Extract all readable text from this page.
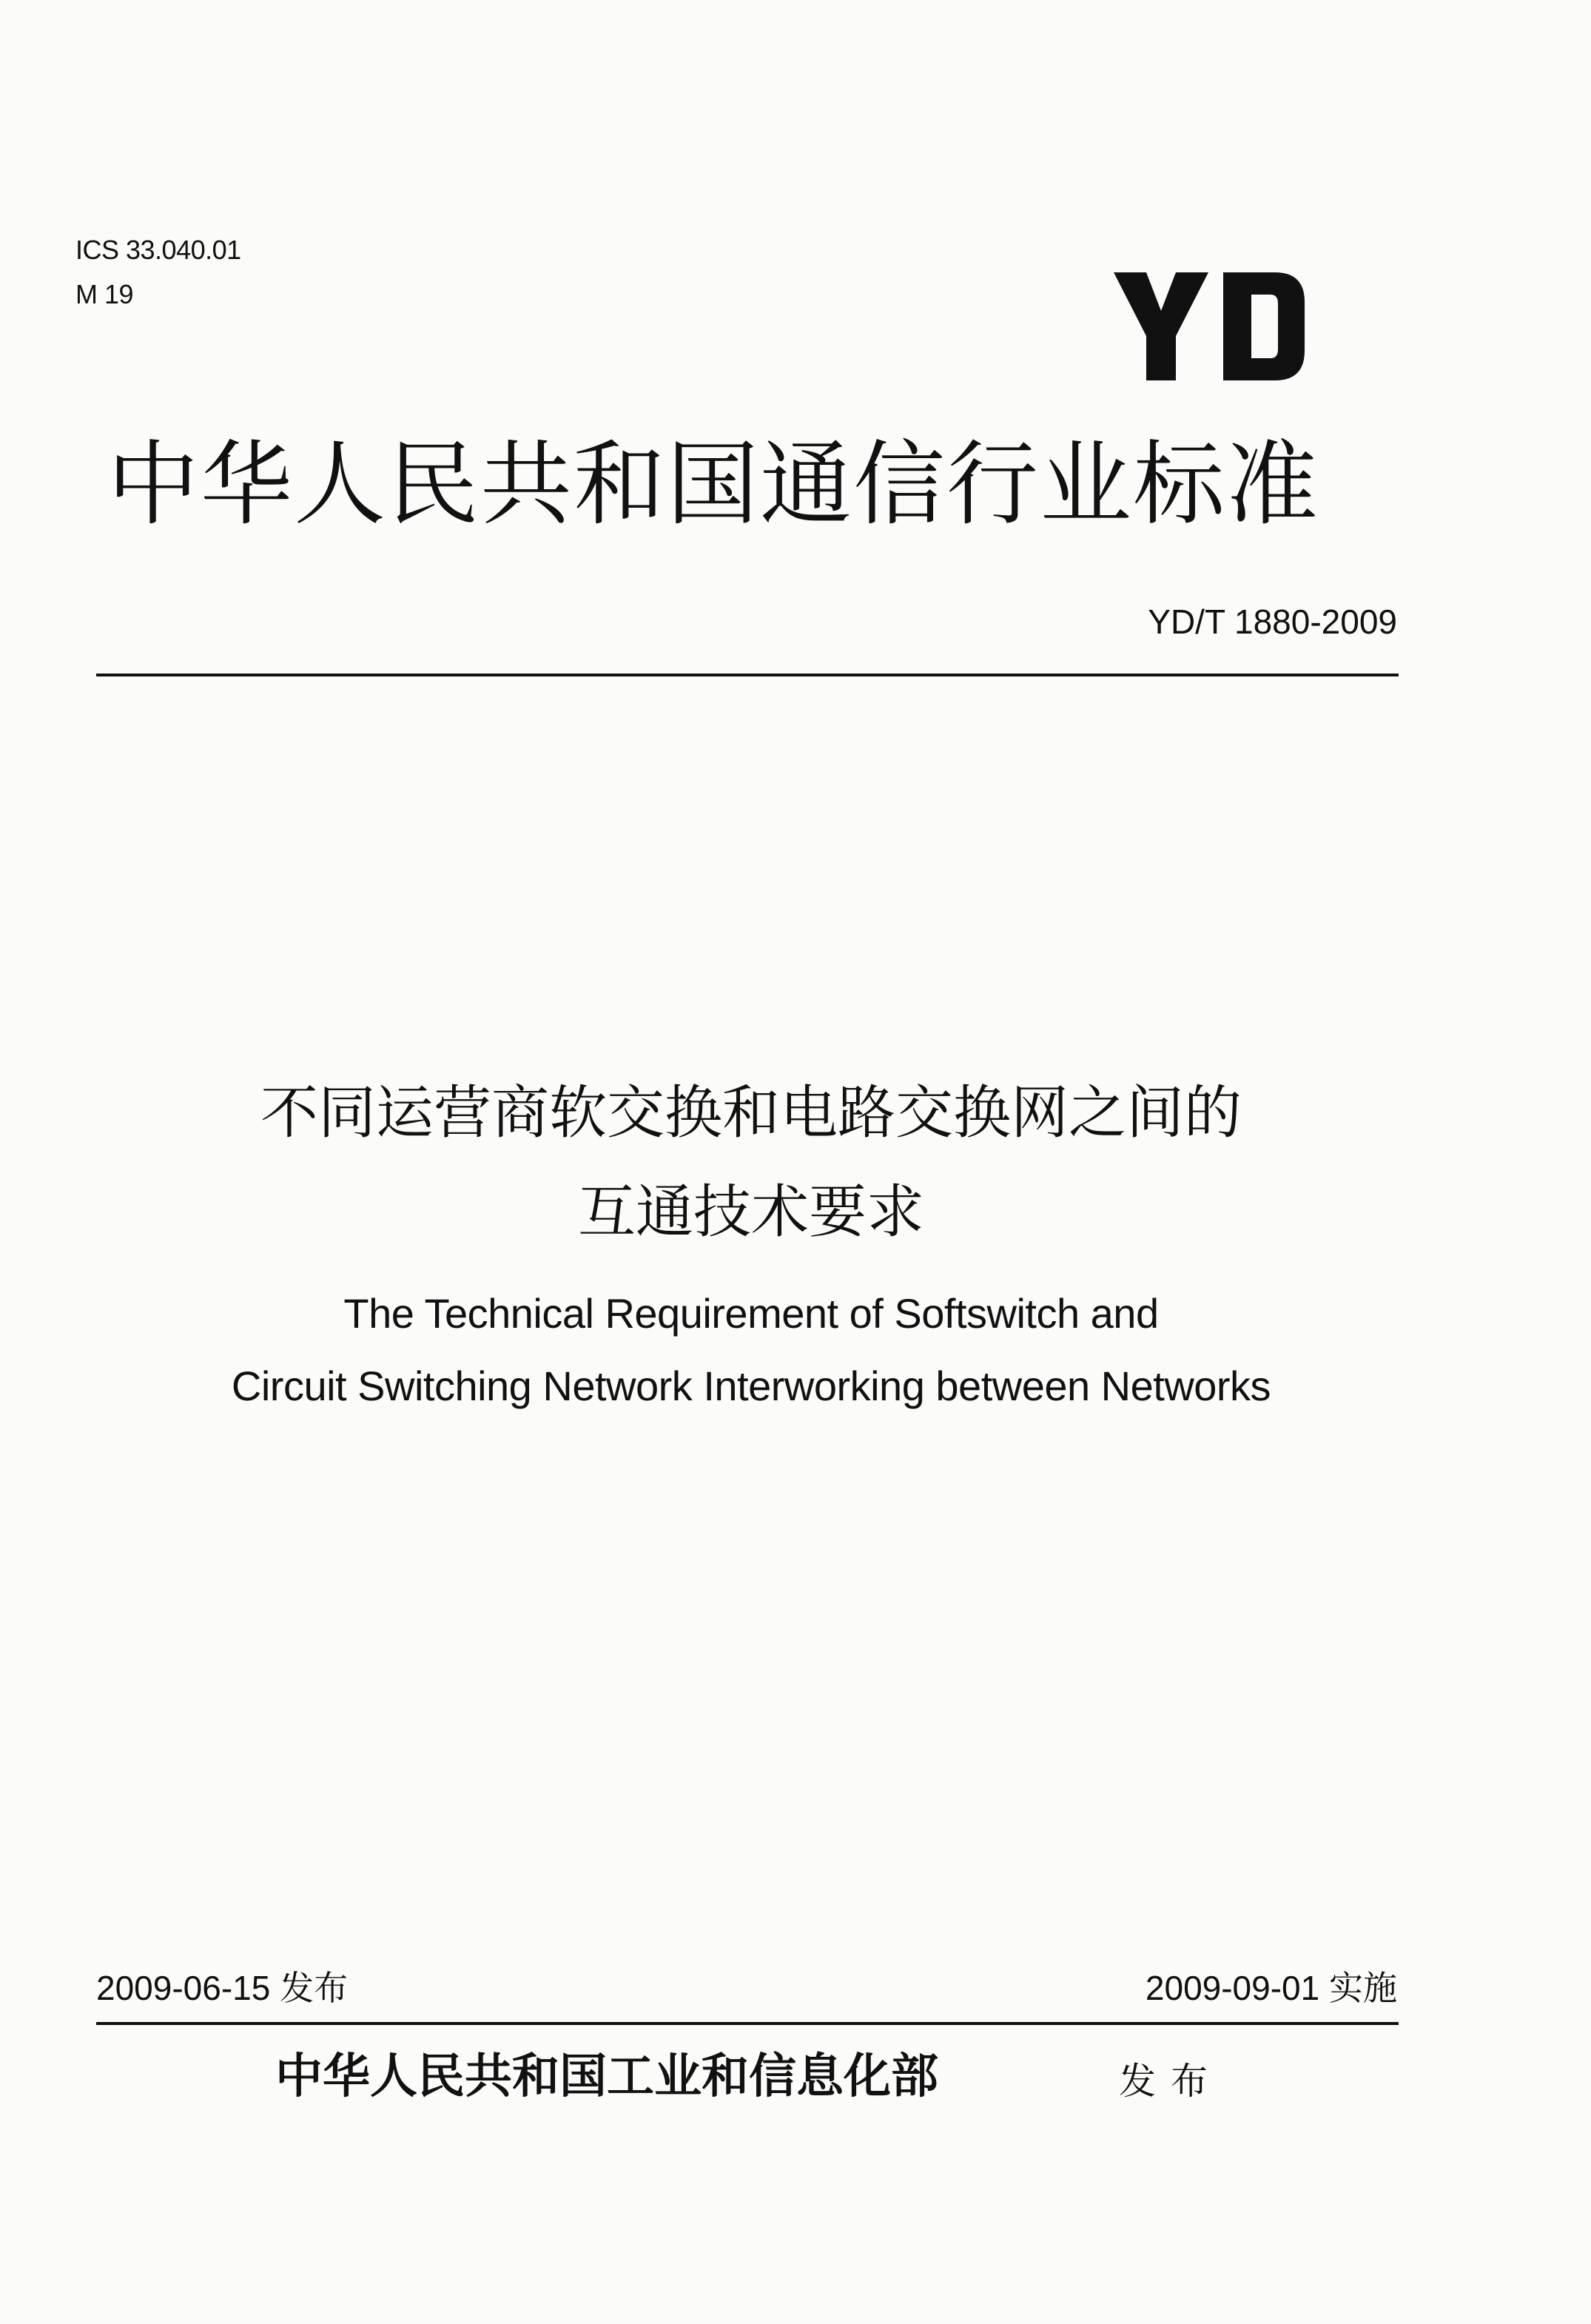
ICS 33.040.01
M 19
中华人民共和国通信行业标准
YD/T 1880-2009
不同运营商软交换和电路交换网之间的
互通技术要求
The Technical Requirement of Softswitch and
Circuit Switching Network Interworking between Networks
2009-06-15 发布	2009-09-01 实施
中华人民共和国工业和信息化部	发布
